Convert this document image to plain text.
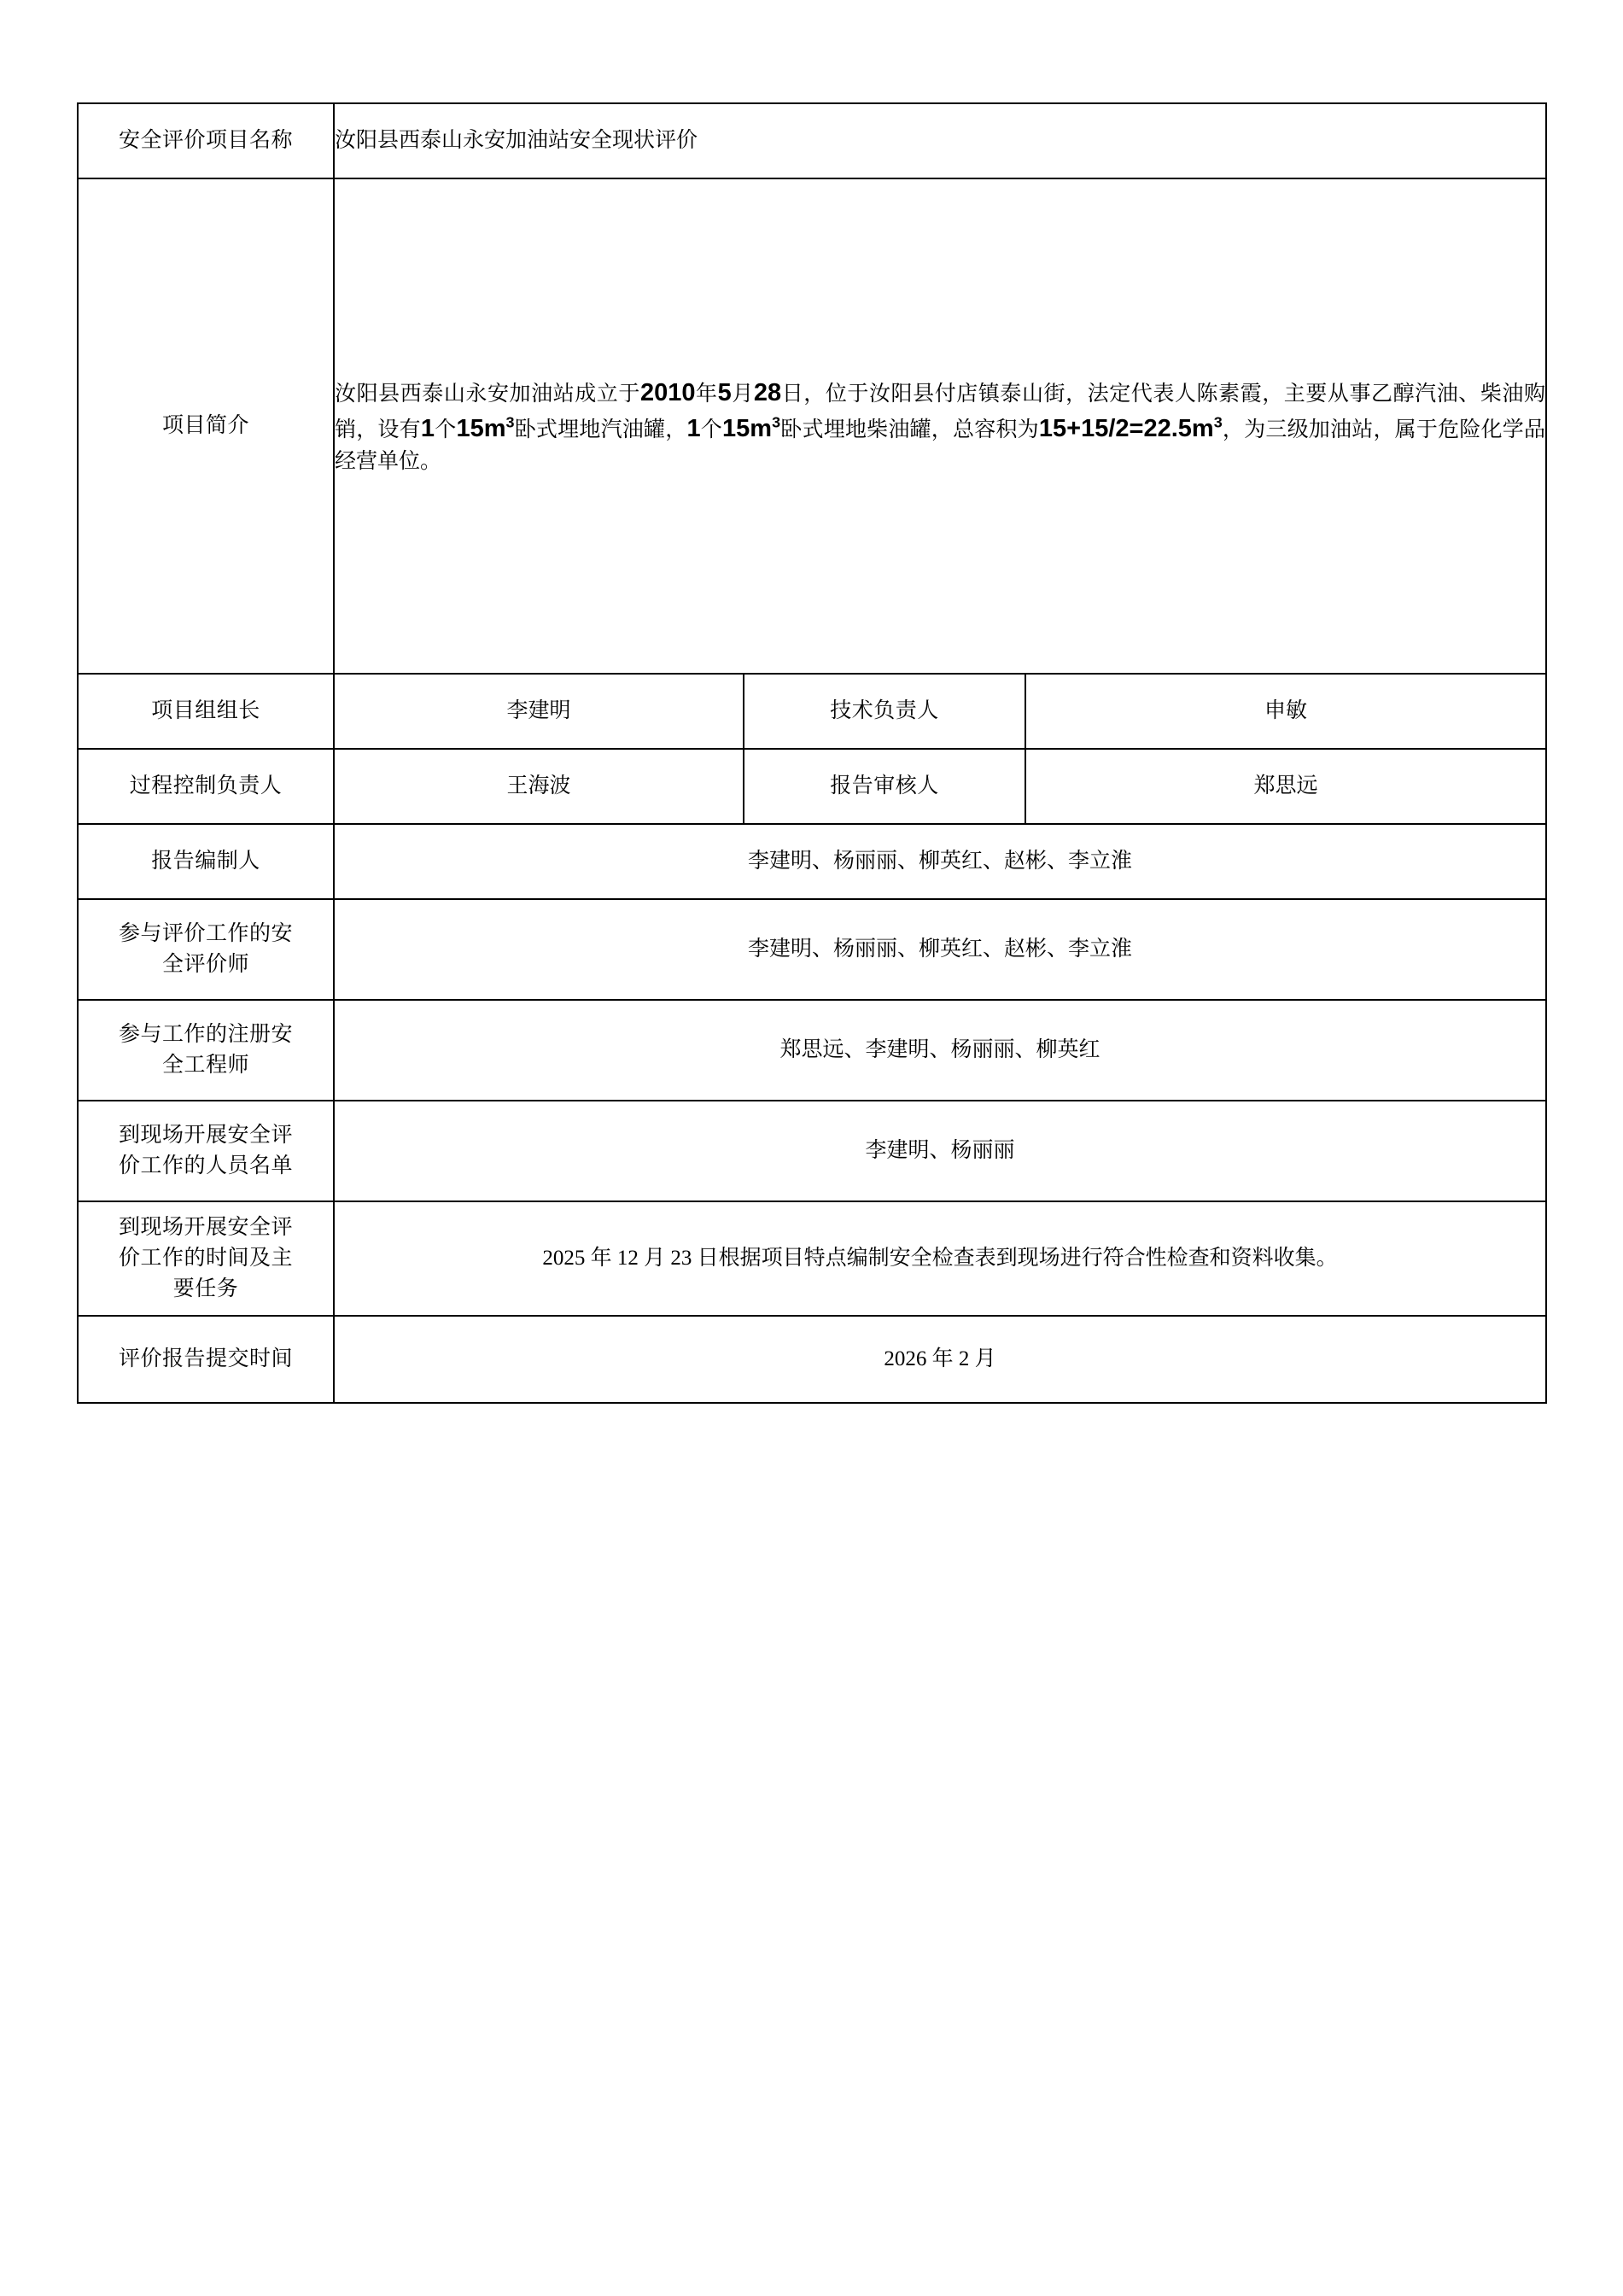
安全评价项目名称	汝阳县西泰山永安加油站安全现状评价		
项目简介	汝阳县西泰山永安加油站成立于2010年5月28日，位于汝阳县付店镇泰山街，法定代表人陈素霞，主要从事乙醇汽油、柴油购销，设有1个$15m^3$卧式埋地汽油罐，1个$15m^3$卧式埋地柴油罐，总容积为$15+15/2=22.5m^3$，为三级加油站，属于危险化学品经营单位。		

项目组组长	李建明	技术负责人	申敏
过程控制负责人	王海波	报告审核人	郑思远
报告编制人	李建明、杨丽丽、柳英红、赵彬、李立淮		

参与评价工作的安
全评价师	李建明、杨丽丽、柳英红、赵彬、李立淮		

参与工作的注册安
全工程师	郑思远、李建明、杨丽丽、柳英红		

到现场开展安全评
价工作的人员名单	李建明、杨丽丽		

到现场开展安全评
价工作的时间及主
要任务	2025 年 12 月 23 日根据项目特点编制安全检查表到现场进行符合性检查和资料收集。		
评价报告提交时间	2026 年 2 月		
